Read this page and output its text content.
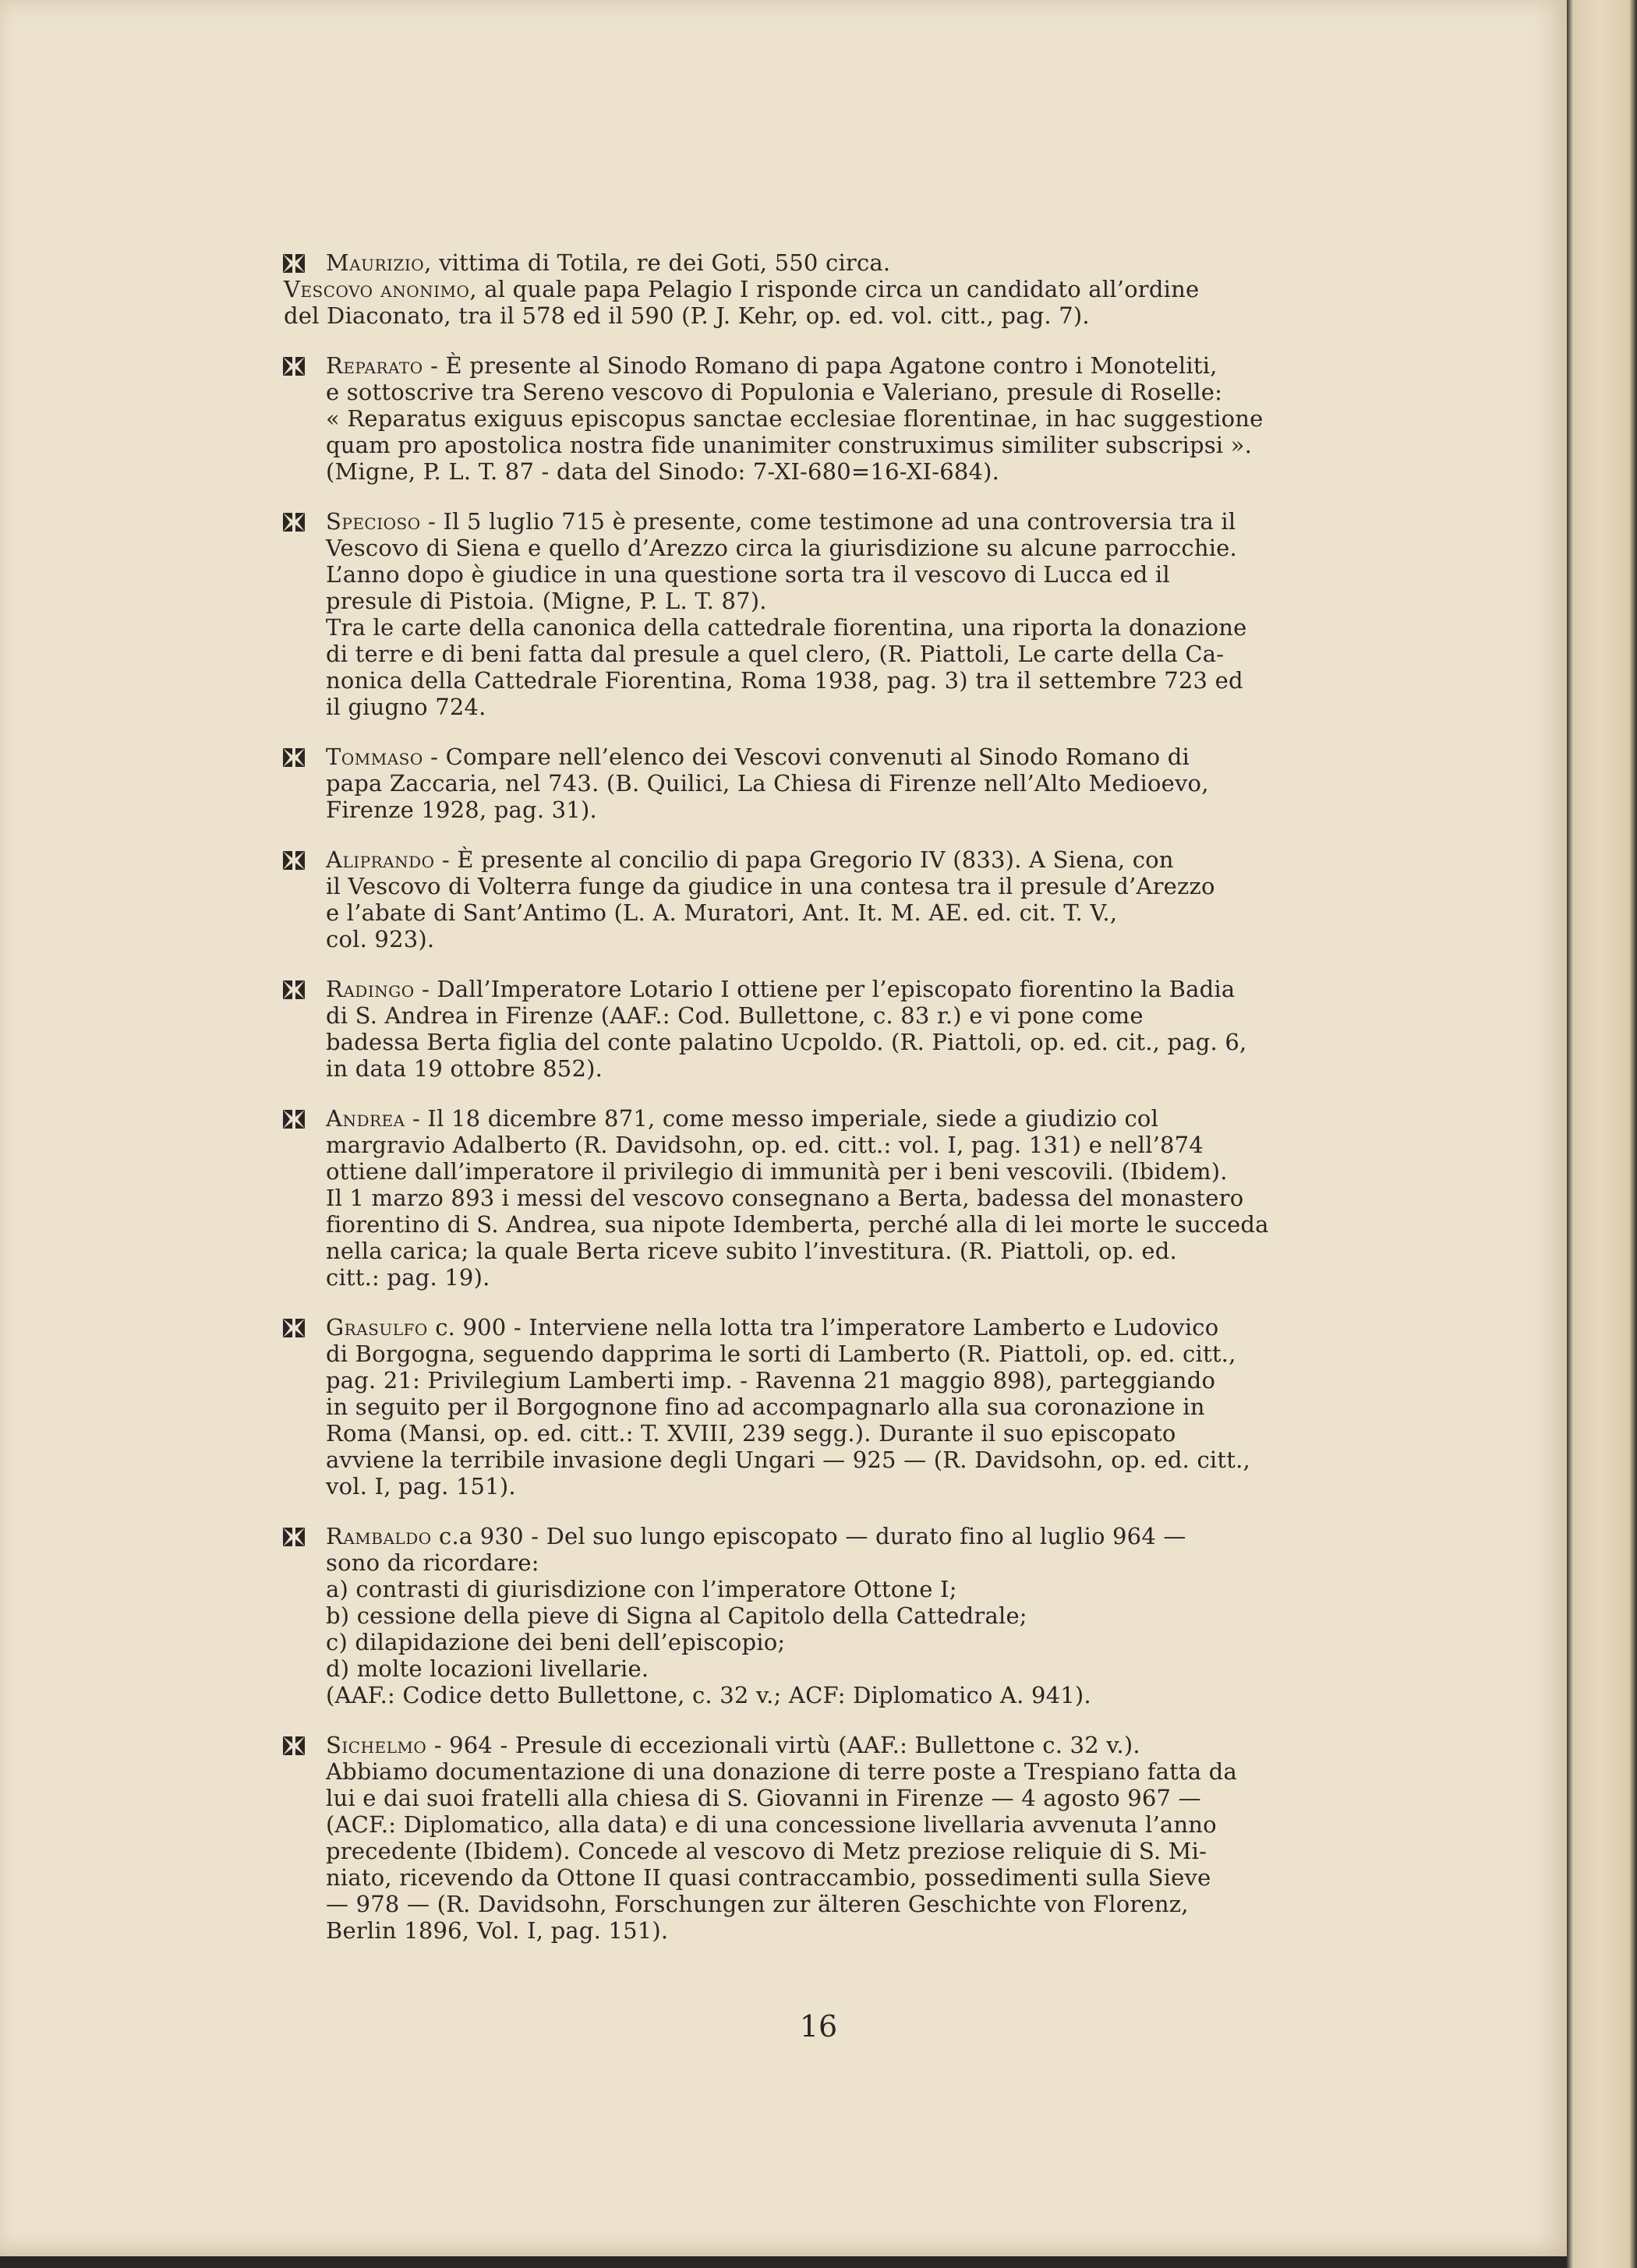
Maurizio, vittima di Totila, re dei Goti, 550 circa.
Vescovo anonimo, al quale papa Pelagio I risponde circa un candidato all’ordine
del Diaconato, tra il 578 ed il 590 (P. J. Kehr, op. ed. vol. citt., pag. 7).
Reparato - È presente al Sinodo Romano di papa Agatone contro i Monoteliti,
e sottoscrive tra Sereno vescovo di Populonia e Valeriano, presule di Roselle:
« Reparatus exiguus episcopus sanctae ecclesiae florentinae, in hac suggestione
quam pro apostolica nostra fide unanimiter construximus similiter subscripsi ».
(Migne, P. L. T. 87 - data del Sinodo: 7-XI-680=16-XI-684).
Specioso - Il 5 luglio 715 è presente, come testimone ad una controversia tra il
Vescovo di Siena e quello d’Arezzo circa la giurisdizione su alcune parrocchie.
L’anno dopo è giudice in una questione sorta tra il vescovo di Lucca ed il
presule di Pistoia. (Migne, P. L. T. 87).
Tra le carte della canonica della cattedrale fiorentina, una riporta la donazione
di terre e di beni fatta dal presule a quel clero, (R. Piattoli, Le carte della Ca-
nonica della Cattedrale Fiorentina, Roma 1938, pag. 3) tra il settembre 723 ed
il giugno 724.
Tommaso - Compare nell’elenco dei Vescovi convenuti al Sinodo Romano di
papa Zaccaria, nel 743. (B. Quilici, La Chiesa di Firenze nell’Alto Medioevo,
Firenze 1928, pag. 31).
Aliprando - È presente al concilio di papa Gregorio IV (833). A Siena, con
il Vescovo di Volterra funge da giudice in una contesa tra il presule d’Arezzo
e l’abate di Sant’Antimo (L. A. Muratori, Ant. It. M. AE. ed. cit. T. V.,
col. 923).
Radingo - Dall’Imperatore Lotario I ottiene per l’episcopato fiorentino la Badia
di S. Andrea in Firenze (AAF.: Cod. Bullettone, c. 83 r.) e vi pone come
badessa Berta figlia del conte palatino Ucpoldo. (R. Piattoli, op. ed. cit., pag. 6,
in data 19 ottobre 852).
Andrea - Il 18 dicembre 871, come messo imperiale, siede a giudizio col
margravio Adalberto (R. Davidsohn, op. ed. citt.: vol. I, pag. 131) e nell’874
ottiene dall’imperatore il privilegio di immunità per i beni vescovili. (Ibidem).
Il 1 marzo 893 i messi del vescovo consegnano a Berta, badessa del monastero
fiorentino di S. Andrea, sua nipote Idemberta, perché alla di lei morte le succeda
nella carica; la quale Berta riceve subito l’investitura. (R. Piattoli, op. ed.
citt.: pag. 19).
Grasulfo c. 900 - Interviene nella lotta tra l’imperatore Lamberto e Ludovico
di Borgogna, seguendo dapprima le sorti di Lamberto (R. Piattoli, op. ed. citt.,
pag. 21: Privilegium Lamberti imp. - Ravenna 21 maggio 898), parteggiando
in seguito per il Borgognone fino ad accompagnarlo alla sua coronazione in
Roma (Mansi, op. ed. citt.: T. XVIII, 239 segg.). Durante il suo episcopato
avviene la terribile invasione degli Ungari — 925 — (R. Davidsohn, op. ed. citt.,
vol. I, pag. 151).
Rambaldo c.a 930 - Del suo lungo episcopato — durato fino al luglio 964 —
sono da ricordare:
a) contrasti di giurisdizione con l’imperatore Ottone I;
b) cessione della pieve di Signa al Capitolo della Cattedrale;
c) dilapidazione dei beni dell’episcopio;
d) molte locazioni livellarie.
(AAF.: Codice detto Bullettone, c. 32 v.; ACF: Diplomatico A. 941).
Sichelmo - 964 - Presule di eccezionali virtù (AAF.: Bullettone c. 32 v.).
Abbiamo documentazione di una donazione di terre poste a Trespiano fatta da
lui e dai suoi fratelli alla chiesa di S. Giovanni in Firenze — 4 agosto 967 —
(ACF.: Diplomatico, alla data) e di una concessione livellaria avvenuta l’anno
precedente (Ibidem). Concede al vescovo di Metz preziose reliquie di S. Mi-
niato, ricevendo da Ottone II quasi contraccambio, possedimenti sulla Sieve
— 978 — (R. Davidsohn, Forschungen zur älteren Geschichte von Florenz,
Berlin 1896, Vol. I, pag. 151).
16
